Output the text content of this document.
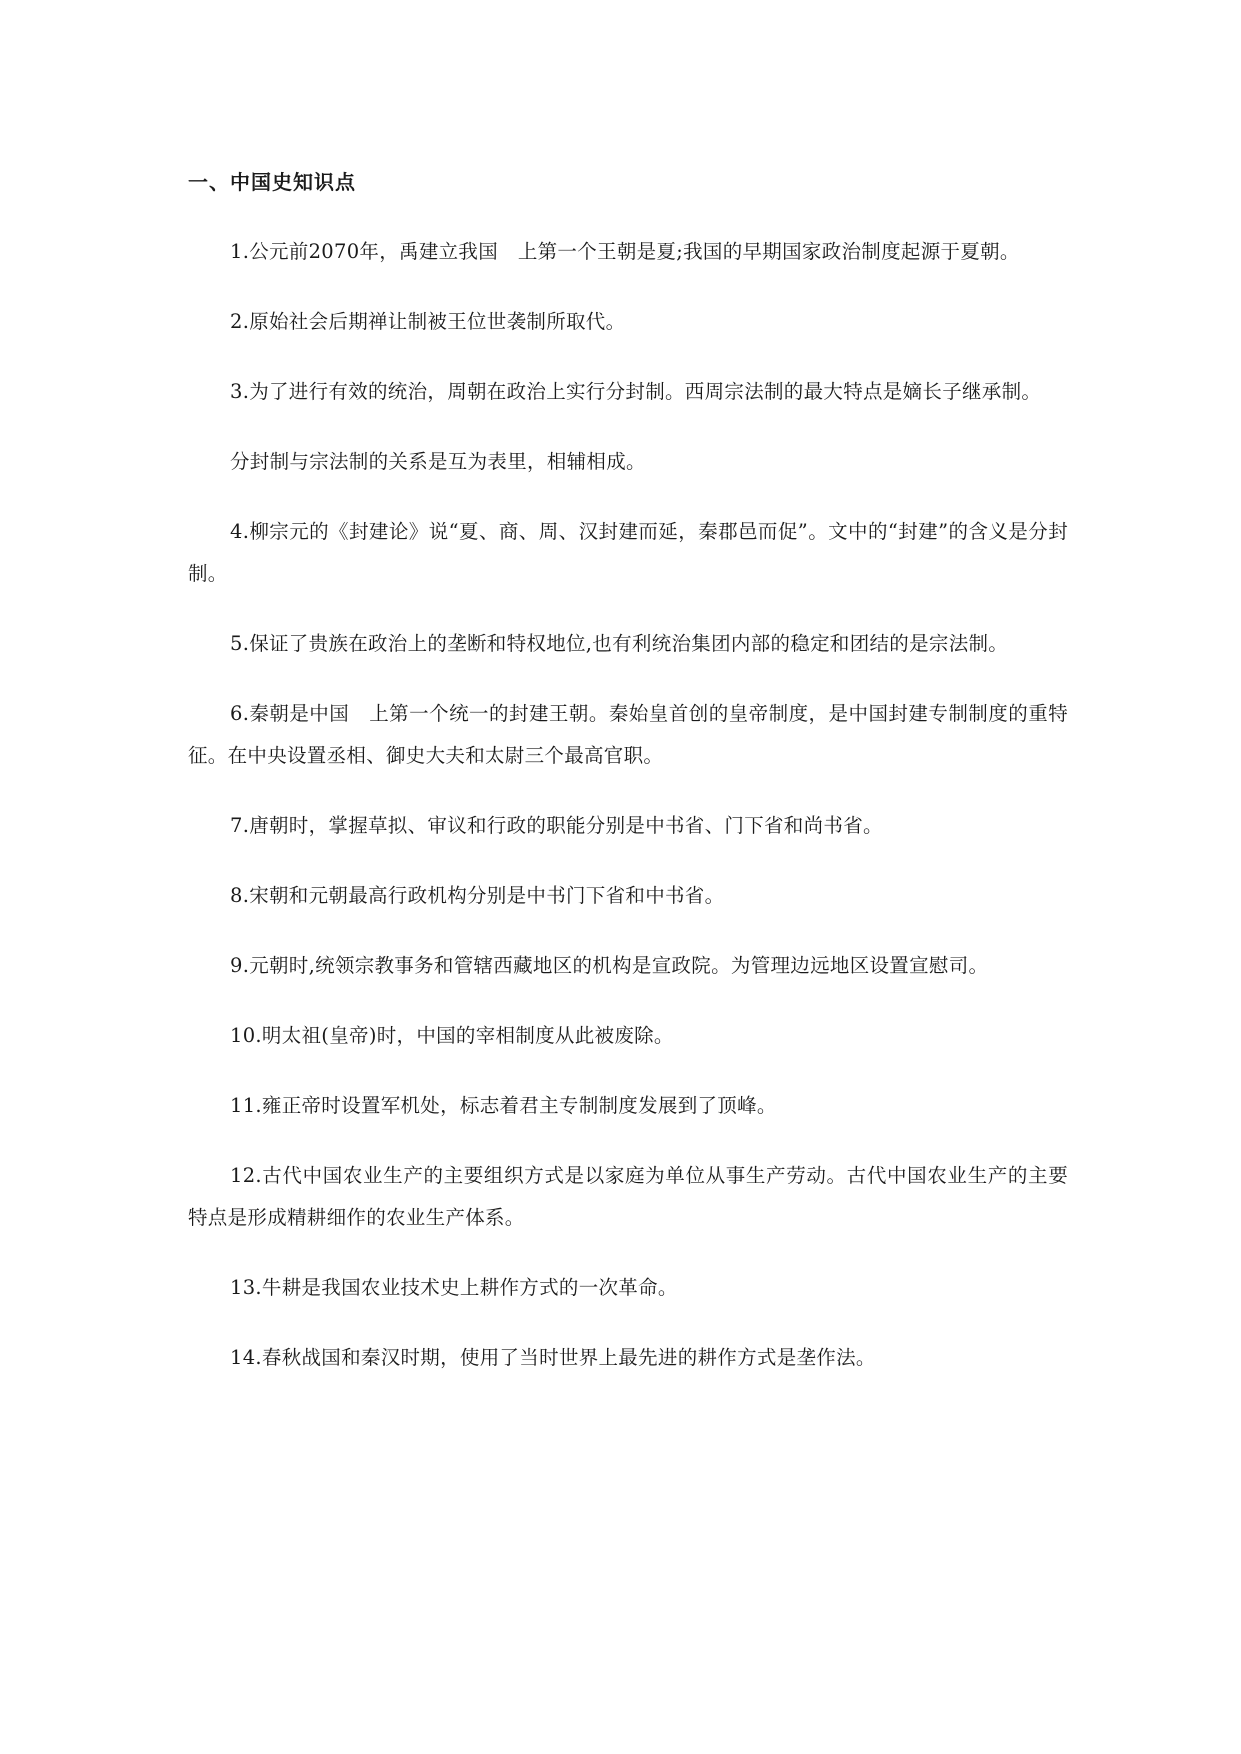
一、中国史知识点

1.公元前2070年，禹建立我国　上第一个王朝是夏;我国的早期国家政治制度起源于夏朝。

2.原始社会后期禅让制被王位世袭制所取代。

3.为了进行有效的统治，周朝在政治上实行分封制。西周宗法制的最大特点是嫡长子继承制。

分封制与宗法制的关系是互为表里，相辅相成。

4.柳宗元的《封建论》说“夏、商、周、汉封建而延，秦郡邑而促”。文中的“封建”的含义是分封制。

5.保证了贵族在政治上的垄断和特权地位,也有利统治集团内部的稳定和团结的是宗法制。

6.秦朝是中国　上第一个统一的封建王朝。秦始皇首创的皇帝制度，是中国封建专制制度的重特征。在中央设置丞相、御史大夫和太尉三个最高官职。

7.唐朝时，掌握草拟、审议和行政的职能分别是中书省、门下省和尚书省。

8.宋朝和元朝最高行政机构分别是中书门下省和中书省。

9.元朝时,统领宗教事务和管辖西藏地区的机构是宣政院。为管理边远地区设置宣慰司。

10.明太祖(皇帝)时，中国的宰相制度从此被废除。

11.雍正帝时设置军机处，标志着君主专制制度发展到了顶峰。

12.古代中国农业生产的主要组织方式是以家庭为单位从事生产劳动。古代中国农业生产的主要特点是形成精耕细作的农业生产体系。

13.牛耕是我国农业技术史上耕作方式的一次革命。

14.春秋战国和秦汉时期，使用了当时世界上最先进的耕作方式是垄作法。
